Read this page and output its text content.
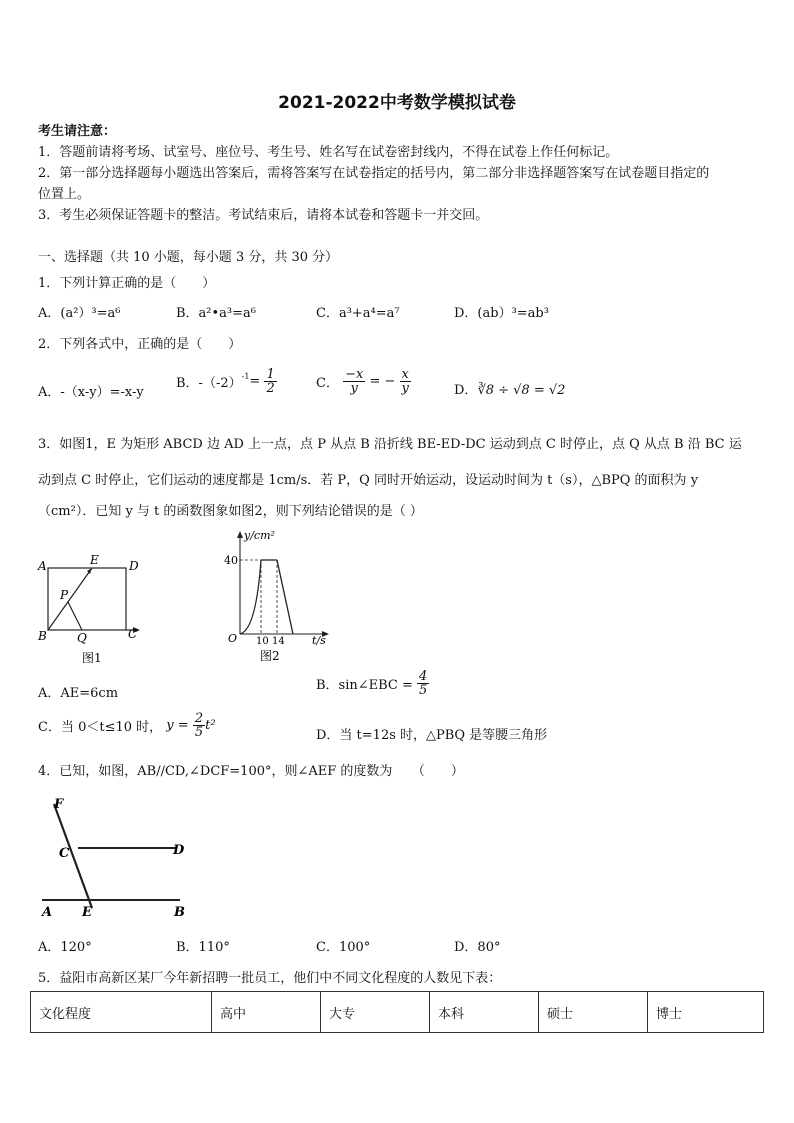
2021-2022中考数学模拟试卷
考生请注意：
1．答题前请将考场、试室号、座位号、考生号、姓名写在试卷密封线内，不得在试卷上作任何标记。
2．第一部分选择题每小题选出答案后，需将答案写在试卷指定的括号内，第二部分非选择题答案写在试卷题目指定的
位置上。
3．考生必须保证答题卡的整洁。考试结束后，请将本试卷和答题卡一并交回。
一、选择题（共 10 小题，每小题 3 分，共 30 分）
1．下列计算正确的是（　　）
A．(a²）³=a⁶	B．a²•a³=a⁶	C．a³+a⁴=a⁷	D．(ab）³=ab³
2．下列各式中，正确的是（　　）
A．-（x-y）=-x-y
B．$-(-2)^{-1}= \frac{1}{2}$	C． $\frac{-x}{y}$ = − $\frac{x}{y}$	D．∛8 ÷ √8 = √2
3．如图1，E 为矩形 ABCD 边 AD 上一点，点 P 从点 B 沿折线 BE-ED-DC 运动到点 C 时停止，点 Q 从点 B 沿 BC 运
动到点 C 时停止，它们运动的速度都是 1cm/s．若 P，Q 同时开始运动，设运动时间为 t（s），△BPQ 的面积为 y
（cm²）．已知 y 与 t 的函数图象如图2，则下列结论错误的是（ ）
A	E	D
P
B	Q	C
图1
y/cm²
40
O 10 14 t/s
图2
A．AE=6cm
B．sin∠EBC = $\frac{4}{5}$
C．当 0＜t≤10 时， $y = \frac{2}{5} t^2$
D．当 t=12s 时，△PBQ 是等腰三角形
4．已知，如图，AB//CD,∠DCF=100°，则∠AEF 的度数为　　（　　）
F
C	D
A E	B
A．120°	B．110°	C．100°	D．80°
5．益阳市高新区某厂今年新招聘一批员工，他们中不同文化程度的人数见下表：
文化程度	高中	大专	本科	硕士	博士
